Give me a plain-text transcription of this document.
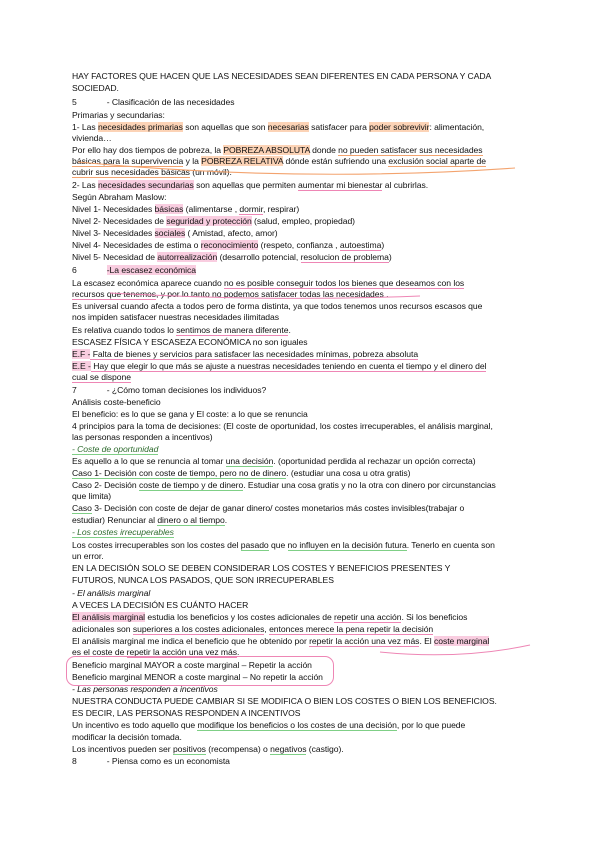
HAY FACTORES QUE HACEN QUE LAS NECESIDADES SEAN DIFERENTES EN CADA PERSONA Y CADA
SOCIEDAD.
5	- Clasificación de las necesidades
Primarias y secundarias:
1- Las necesidades primarias son aquellas que son necesarias satisfacer para poder sobrevivir: alimentación,
vivienda…
Por ello hay dos tiempos de pobreza, la POBREZA ABSOLUTA donde no pueden satisfacer sus necesidades
básicas para la supervivencia y la POBREZA RELATIVA dónde están sufriendo una exclusión social aparte de
cubrir sus necesidades básicas (un móvil).
2- Las necesidades secundarias son aquellas que permiten aumentar mi bienestar al cubrirlas.
Según Abraham Maslow:
Nivel 1- Necesidades básicas (alimentarse , dormir, respirar)
Nivel 2- Necesidades de seguridad y protección (salud, empleo, propiedad)
Nivel 3- Necesidades sociales ( Amistad, afecto, amor)
Nivel 4- Necesidades de estima o reconocimiento (respeto, confianza , autoestima)
Nivel 5- Necesidad de autorrealización (desarrollo potencial, resolucion de problema)
6	-La escasez económica
La escasez económica aparece cuando no es posible conseguir todos los bienes que deseamos con los
recursos que tenemos, y por lo tanto no podemos satisfacer todas las necesidades .
Es universal cuando afecta a todos pero de forma distinta, ya que todos tenemos unos recursos escasos que
nos impiden satisfacer nuestras necesidades ilimitadas
Es relativa cuando todos lo sentimos de manera diferente.
ESCASEZ FÍSICA Y ESCASEZA ECONÓMICA no son iguales
E.F - Falta de bienes y servicios para satisfacer las necesidades mínimas, pobreza absoluta
E.E - Hay que elegir lo que más se ajuste a nuestras necesidades teniendo en cuenta el tiempo y el dinero del
cual se dispone
7	- ¿Cómo toman decisiones los individuos?
Análisis coste-beneficio
El beneficio: es lo que se gana y El coste: a lo que se renuncia
4 principios para la toma de decisiones: (El coste de oportunidad, los costes irrecuperables, el análisis marginal,
las personas responden a incentivos)
- Coste de oportunidad
Es aquello a lo que se renuncia al tomar una decisión. (oportunidad perdida al rechazar un opción correcta)
Caso 1- Decisión con coste de tiempo, pero no de dinero. (estudiar una cosa u otra gratis)
Caso 2- Decisión coste de tiempo y de dinero. Estudiar una cosa gratis y no la otra con dinero por circunstancias
que limita)
Caso 3- Decisión con coste de dejar de ganar dinero/ costes monetarios más costes invisibles(trabajar o
estudiar) Renunciar al dinero o al tiempo.
- Los costes irrecuperables
Los costes irrecuperables son los costes del pasado que no influyen en la decisión futura. Tenerlo en cuenta son
un error.
EN LA DECISIÓN SOLO SE DEBEN CONSIDERAR LOS COSTES Y BENEFICIOS PRESENTES Y
FUTUROS, NUNCA LOS PASADOS, QUE SON IRRECUPERABLES
- El análisis marginal
A VECES LA DECISIÓN ES CUÁNTO HACER
El análisis marginal estudia los beneficios y los costes adicionales de repetir una acción. Si los beneficios
adicionales son superiores a los costes adicionales, entonces merece la pena repetir la decisión
El análisis marginal me indica el beneficio que he obtenido por repetir la acción una vez más. El coste marginal
es el coste de repetir la acción una vez más.
Beneficio marginal MAYOR a coste marginal – Repetir la acción
Beneficio marginal MENOR a coste marginal – No repetir la acción
- Las personas responden a incentivos
NUESTRA CONDUCTA PUEDE CAMBIAR SI SE MODIFICA O BIEN LOS COSTES O BIEN LOS BENEFICIOS.
ES DECIR, LAS PERSONAS RESPONDEN A INCENTIVOS
Un incentivo es todo aquello que modifique los beneficios o los costes de una decisión, por lo que puede
modificar la decisión tomada.
Los incentivos pueden ser positivos (recompensa) o negativos (castigo).
8	- Piensa como es un economista
